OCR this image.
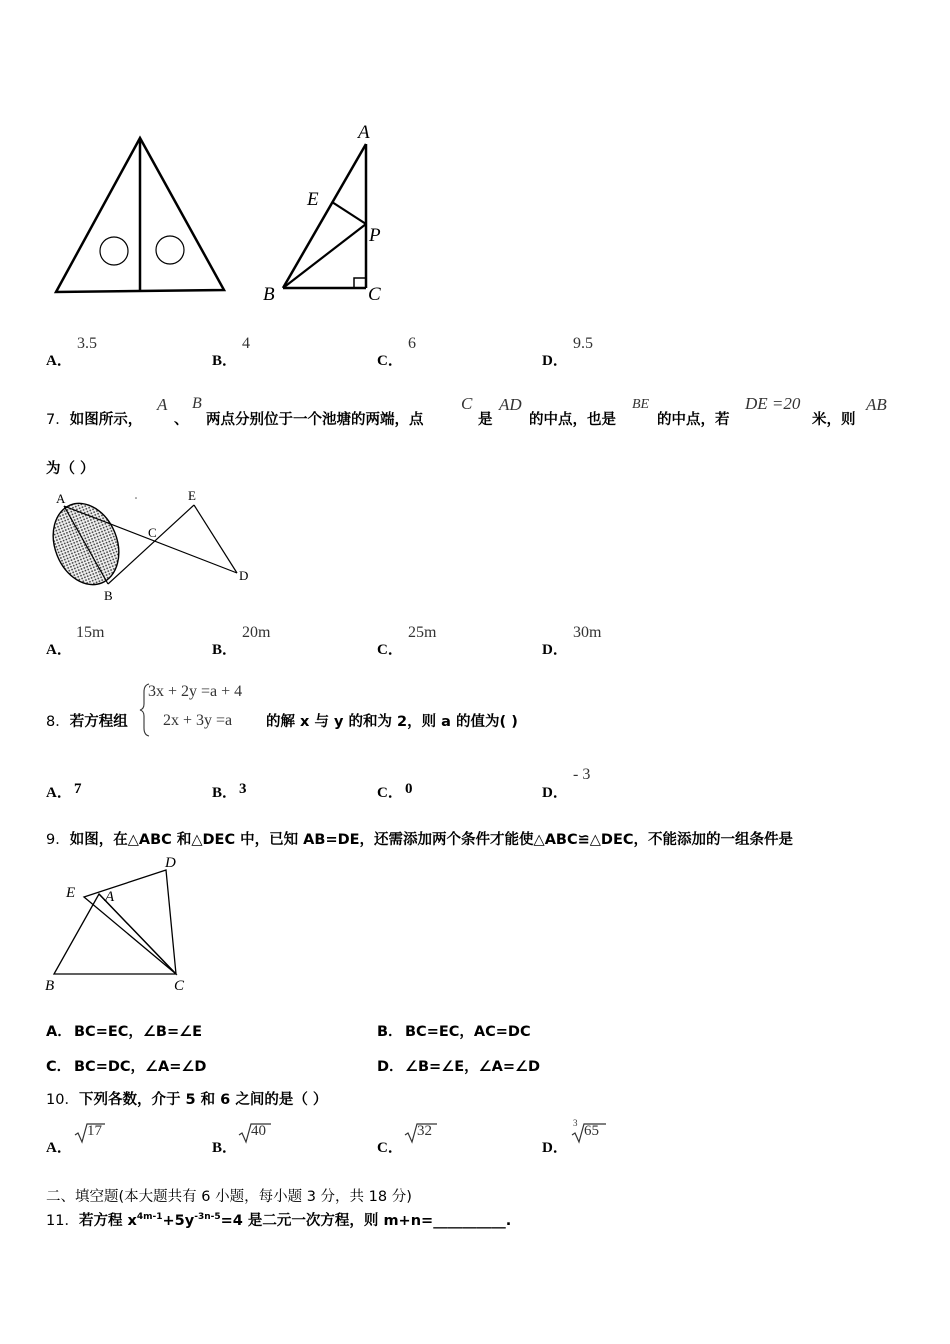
A
E
P
B	C
A．
3.5
B．
4
C．
6
D．
9.5
7．如图所示，
A
、
B
两点分别位于一个池塘的两端，点
C
是
AD
的中点，也是
BE
的中点，若
DE =20
米，则
AB
为（ ）
A	E
C
D
B
A．
15m
B．
20m
C．
25m
D．
30m
8．若方程组
3x + 2y =a + 4
2x + 3y =a 的解 x 与 y 的和为 2，则 a 的值为( )
A． 7	B． 3	C． 0	D．
- 3
9．如图，在△ABC 和△DEC 中，已知 AB=DE，还需添加两个条件才能使△ABC≌△DEC，不能添加的一组条件是
D
E A
B	C
A． BC=EC，∠B=∠E	B． BC=EC，AC=DC
C． BC=DC，∠A=∠D	D． ∠B=∠E，∠A=∠D
10．下列各数，介于 5 和 6 之间的是（ ）
A．
17
B．
40
C．
32
D．
3 65
二、填空题(本大题共有 6 小题，每小题 3 分，共 18 分)
11．若方程 $x^{4m-1}+5y^{-3n-5}=4$ 是二元一次方程，则 m+n=__________.
